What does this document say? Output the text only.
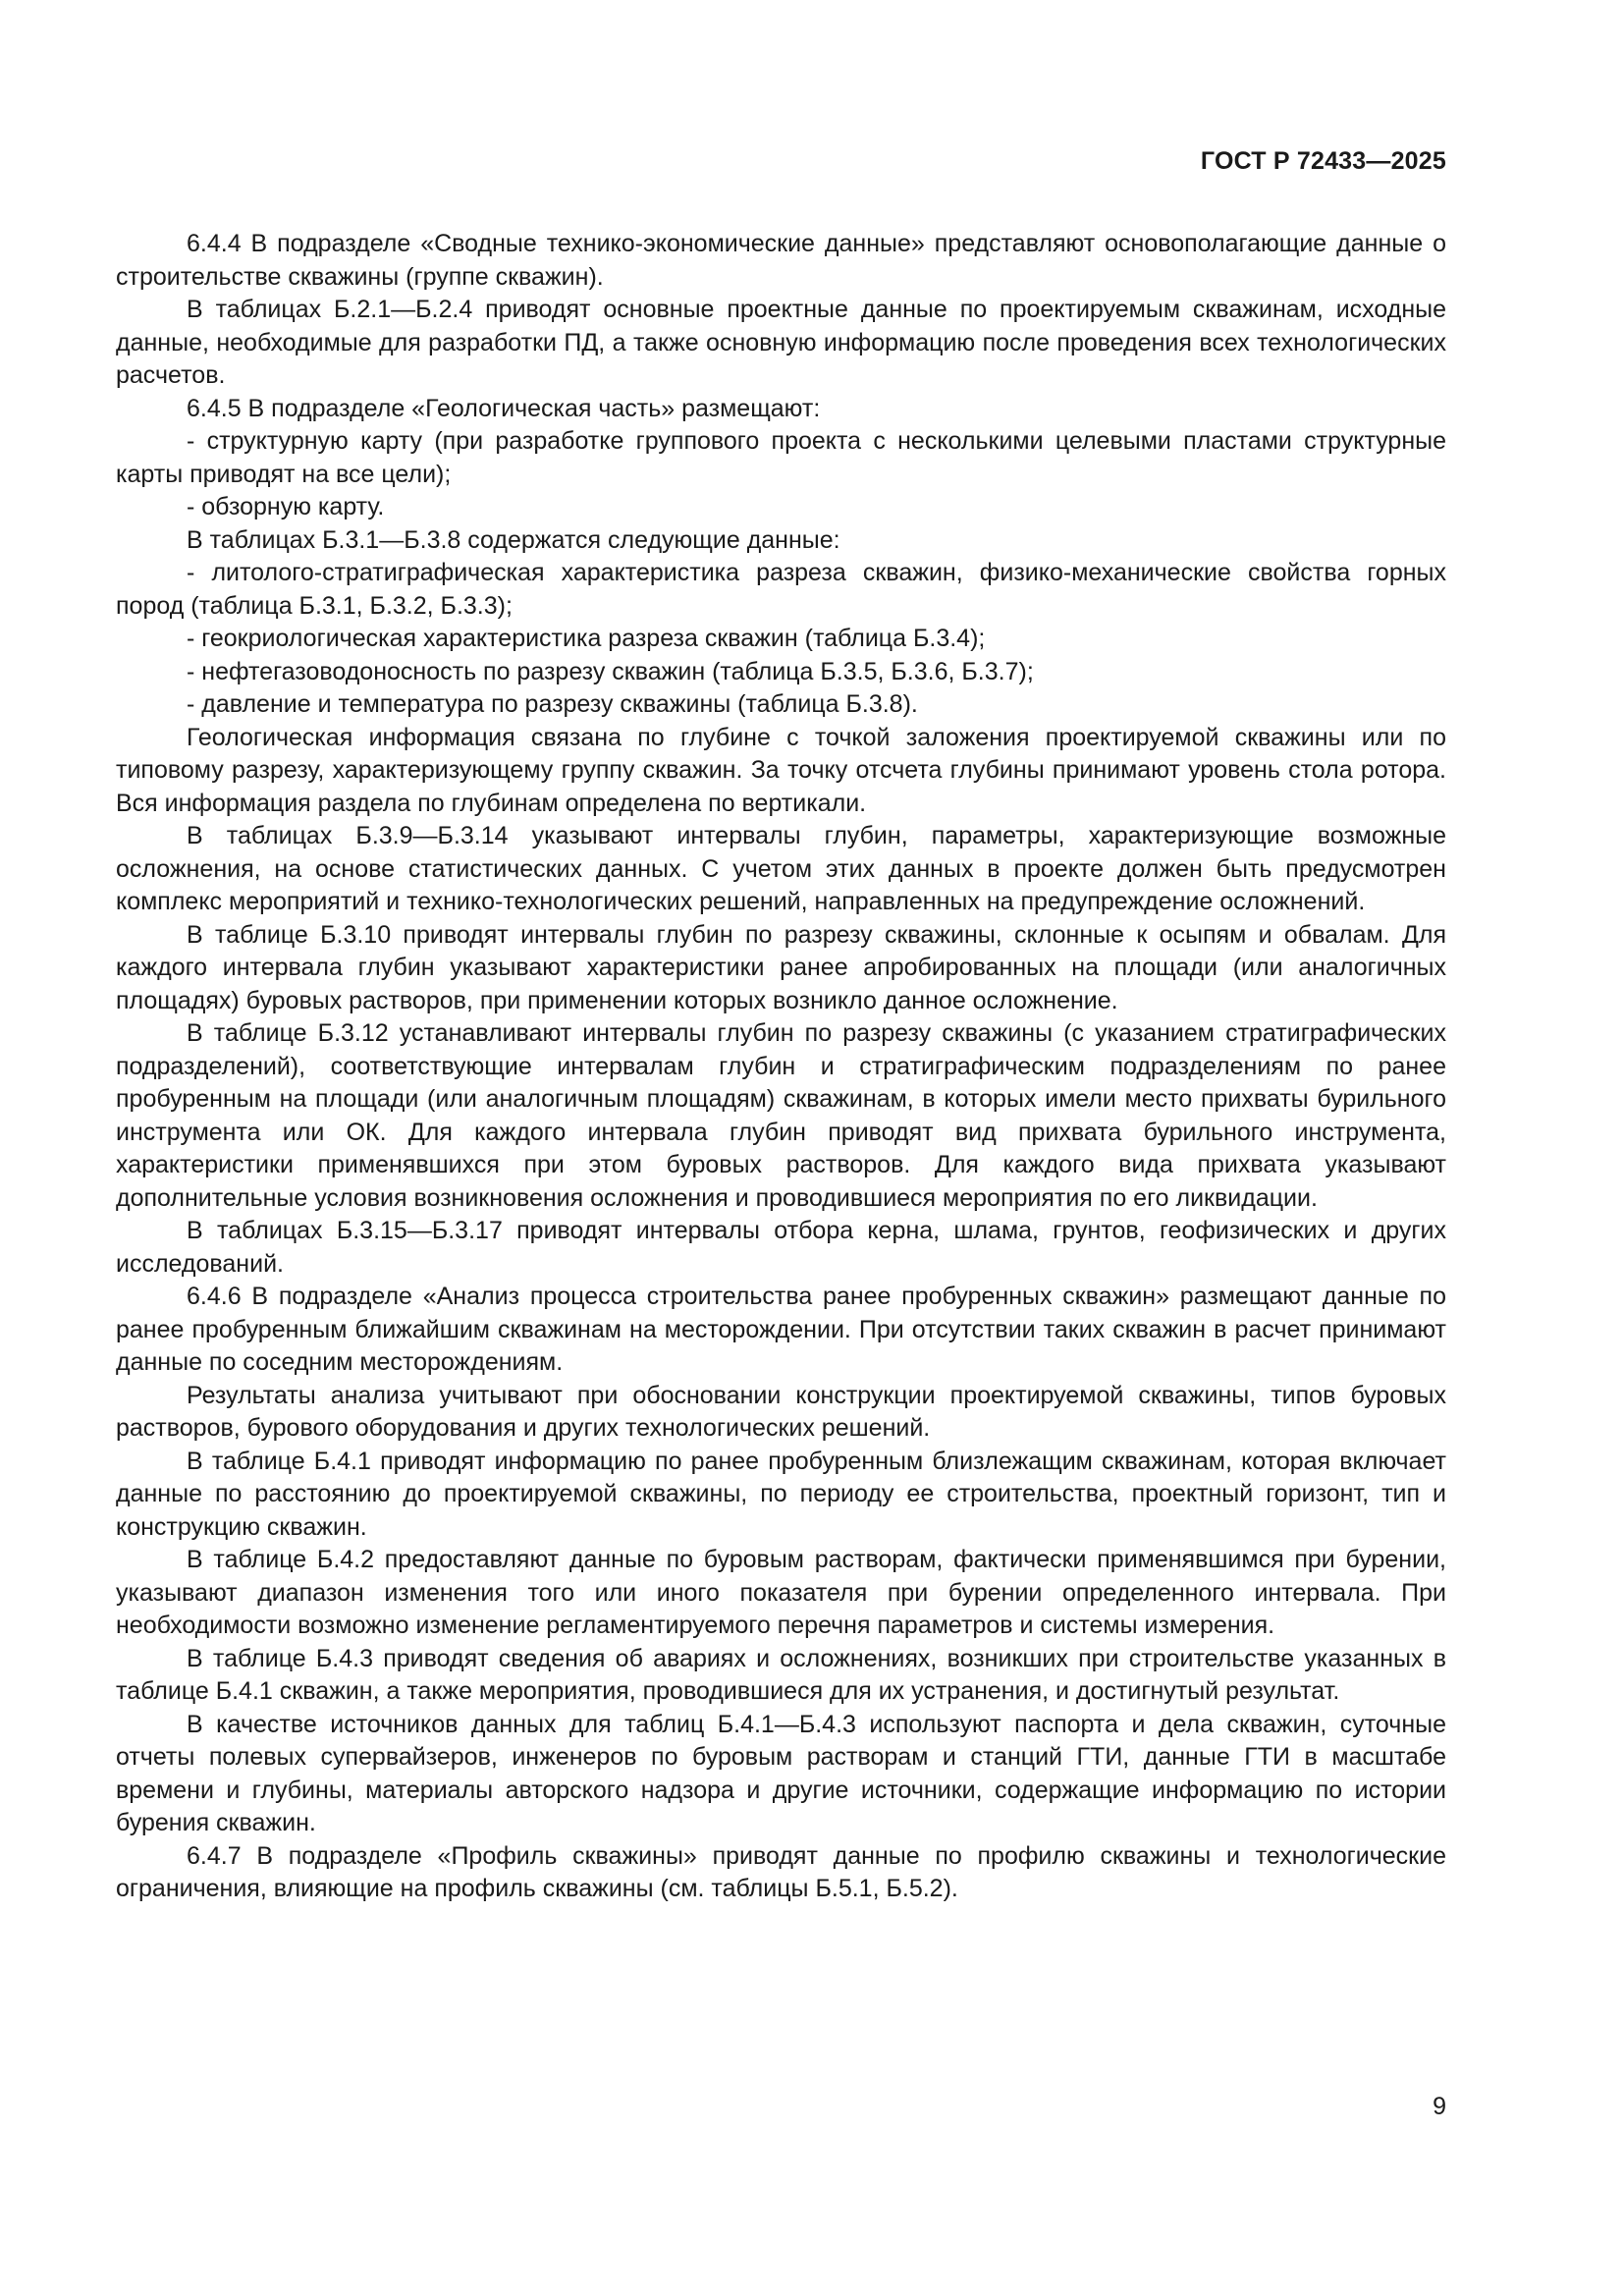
ГОСТ Р 72433—2025

6.4.4 В подразделе «Сводные технико-экономические данные» представляют основополагающие данные о строительстве скважины (группе скважин).

В таблицах Б.2.1—Б.2.4 приводят основные проектные данные по проектируемым скважинам, исходные данные, необходимые для разработки ПД, а также основную информацию после проведения всех технологических расчетов.

6.4.5 В подразделе «Геологическая часть» размещают:

- структурную карту (при разработке группового проекта с несколькими целевыми пластами структурные карты приводят на все цели);

- обзорную карту.

В таблицах Б.3.1—Б.3.8 содержатся следующие данные:

- литолого-стратиграфическая характеристика разреза скважин, физико-механические свойства горных пород (таблица Б.3.1, Б.3.2, Б.3.3);

- геокриологическая характеристика разреза скважин (таблица Б.3.4);

- нефтегазоводоносность по разрезу скважин (таблица Б.3.5, Б.3.6, Б.3.7);

- давление и температура по разрезу скважины (таблица Б.3.8).

Геологическая информация связана по глубине с точкой заложения проектируемой скважины или по типовому разрезу, характеризующему группу скважин. За точку отсчета глубины принимают уровень стола ротора. Вся информация раздела по глубинам определена по вертикали.

В таблицах Б.3.9—Б.3.14 указывают интервалы глубин, параметры, характеризующие возможные осложнения, на основе статистических данных. С учетом этих данных в проекте должен быть предусмотрен комплекс мероприятий и технико-технологических решений, направленных на предупреждение осложнений.

В таблице Б.3.10 приводят интервалы глубин по разрезу скважины, склонные к осыпям и обвалам. Для каждого интервала глубин указывают характеристики ранее апробированных на площади (или аналогичных площадях) буровых растворов, при применении которых возникло данное осложнение.

В таблице Б.3.12 устанавливают интервалы глубин по разрезу скважины (с указанием стратиграфических подразделений), соответствующие интервалам глубин и стратиграфическим подразделениям по ранее пробуренным на площади (или аналогичным площадям) скважинам, в которых имели место прихваты бурильного инструмента или ОК. Для каждого интервала глубин приводят вид прихвата бурильного инструмента, характеристики применявшихся при этом буровых растворов. Для каждого вида прихвата указывают дополнительные условия возникновения осложнения и проводившиеся мероприятия по его ликвидации.

В таблицах Б.3.15—Б.3.17 приводят интервалы отбора керна, шлама, грунтов, геофизических и других исследований.

6.4.6 В подразделе «Анализ процесса строительства ранее пробуренных скважин» размещают данные по ранее пробуренным ближайшим скважинам на месторождении. При отсутствии таких скважин в расчет принимают данные по соседним месторождениям.

Результаты анализа учитывают при обосновании конструкции проектируемой скважины, типов буровых растворов, бурового оборудования и других технологических решений.

В таблице Б.4.1 приводят информацию по ранее пробуренным близлежащим скважинам, которая включает данные по расстоянию до проектируемой скважины, по периоду ее строительства, проектный горизонт, тип и конструкцию скважин.

В таблице Б.4.2 предоставляют данные по буровым растворам, фактически применявшимся при бурении, указывают диапазон изменения того или иного показателя при бурении определенного интервала. При необходимости возможно изменение регламентируемого перечня параметров и системы измерения.

В таблице Б.4.3 приводят сведения об авариях и осложнениях, возникших при строительстве указанных в таблице Б.4.1 скважин, а также мероприятия, проводившиеся для их устранения, и достигнутый результат.

В качестве источников данных для таблиц Б.4.1—Б.4.3 используют паспорта и дела скважин, суточные отчеты полевых супервайзеров, инженеров по буровым растворам и станций ГТИ, данные ГТИ в масштабе времени и глубины, материалы авторского надзора и другие источники, содержащие информацию по истории бурения скважин.

6.4.7 В подразделе «Профиль скважины» приводят данные по профилю скважины и технологические ограничения, влияющие на профиль скважины (см. таблицы Б.5.1, Б.5.2).

9
